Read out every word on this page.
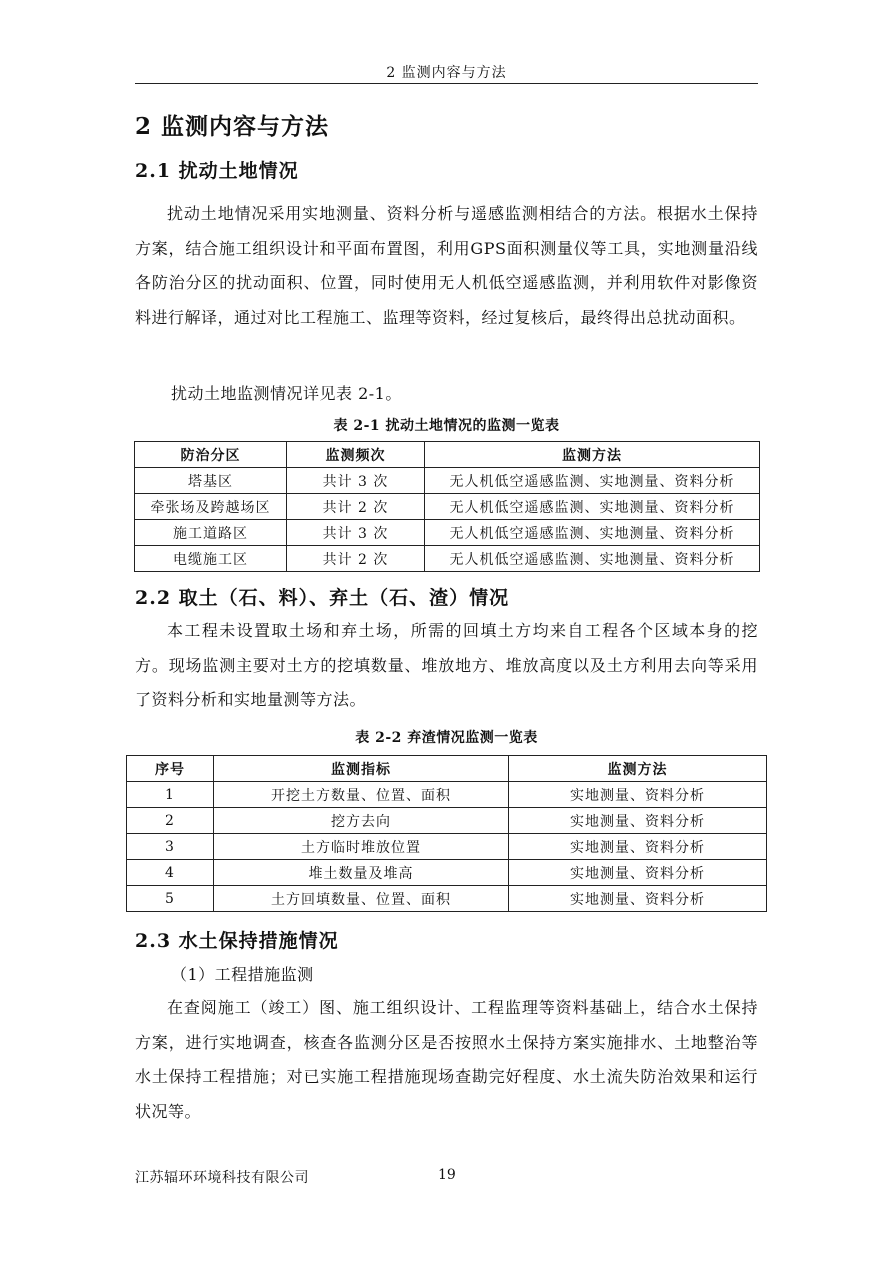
2 监测内容与方法
2 监测内容与方法
2.1 扰动土地情况
扰动土地情况采用实地测量、资料分析与遥感监测相结合的方法。根据水土保持方案，结合施工组织设计和平面布置图，利用GPS面积测量仪等工具，实地测量沿线各防治分区的扰动面积、位置，同时使用无人机低空遥感监测，并利用软件对影像资料进行解译，通过对比工程施工、监理等资料，经过复核后，最终得出总扰动面积。
扰动土地监测情况详见表 2-1。
表 2-1 扰动土地情况的监测一览表
防治分区	监测频次	监测方法
塔基区	共计 3 次	无人机低空遥感监测、实地测量、资料分析
牵张场及跨越场区	共计 2 次	无人机低空遥感监测、实地测量、资料分析
施工道路区	共计 3 次	无人机低空遥感监测、实地测量、资料分析
电缆施工区	共计 2 次	无人机低空遥感监测、实地测量、资料分析
2.2 取土（石、料）、弃土（石、渣）情况
本工程未设置取土场和弃土场，所需的回填土方均来自工程各个区域本身的挖方。现场监测主要对土方的挖填数量、堆放地方、堆放高度以及土方利用去向等采用了资料分析和实地量测等方法。
表 2-2 弃渣情况监测一览表
序号	监测指标	监测方法
1	开挖土方数量、位置、面积	实地测量、资料分析
2	挖方去向	实地测量、资料分析
3	土方临时堆放位置	实地测量、资料分析
4	堆土数量及堆高	实地测量、资料分析
5	土方回填数量、位置、面积	实地测量、资料分析
2.3 水土保持措施情况
（1）工程措施监测
在查阅施工（竣工）图、施工组织设计、工程监理等资料基础上，结合水土保持方案，进行实地调查，核查各监测分区是否按照水土保持方案实施排水、土地整治等水土保持工程措施；对已实施工程措施现场查勘完好程度、水土流失防治效果和运行状况等。
江苏辐环环境科技有限公司	19
